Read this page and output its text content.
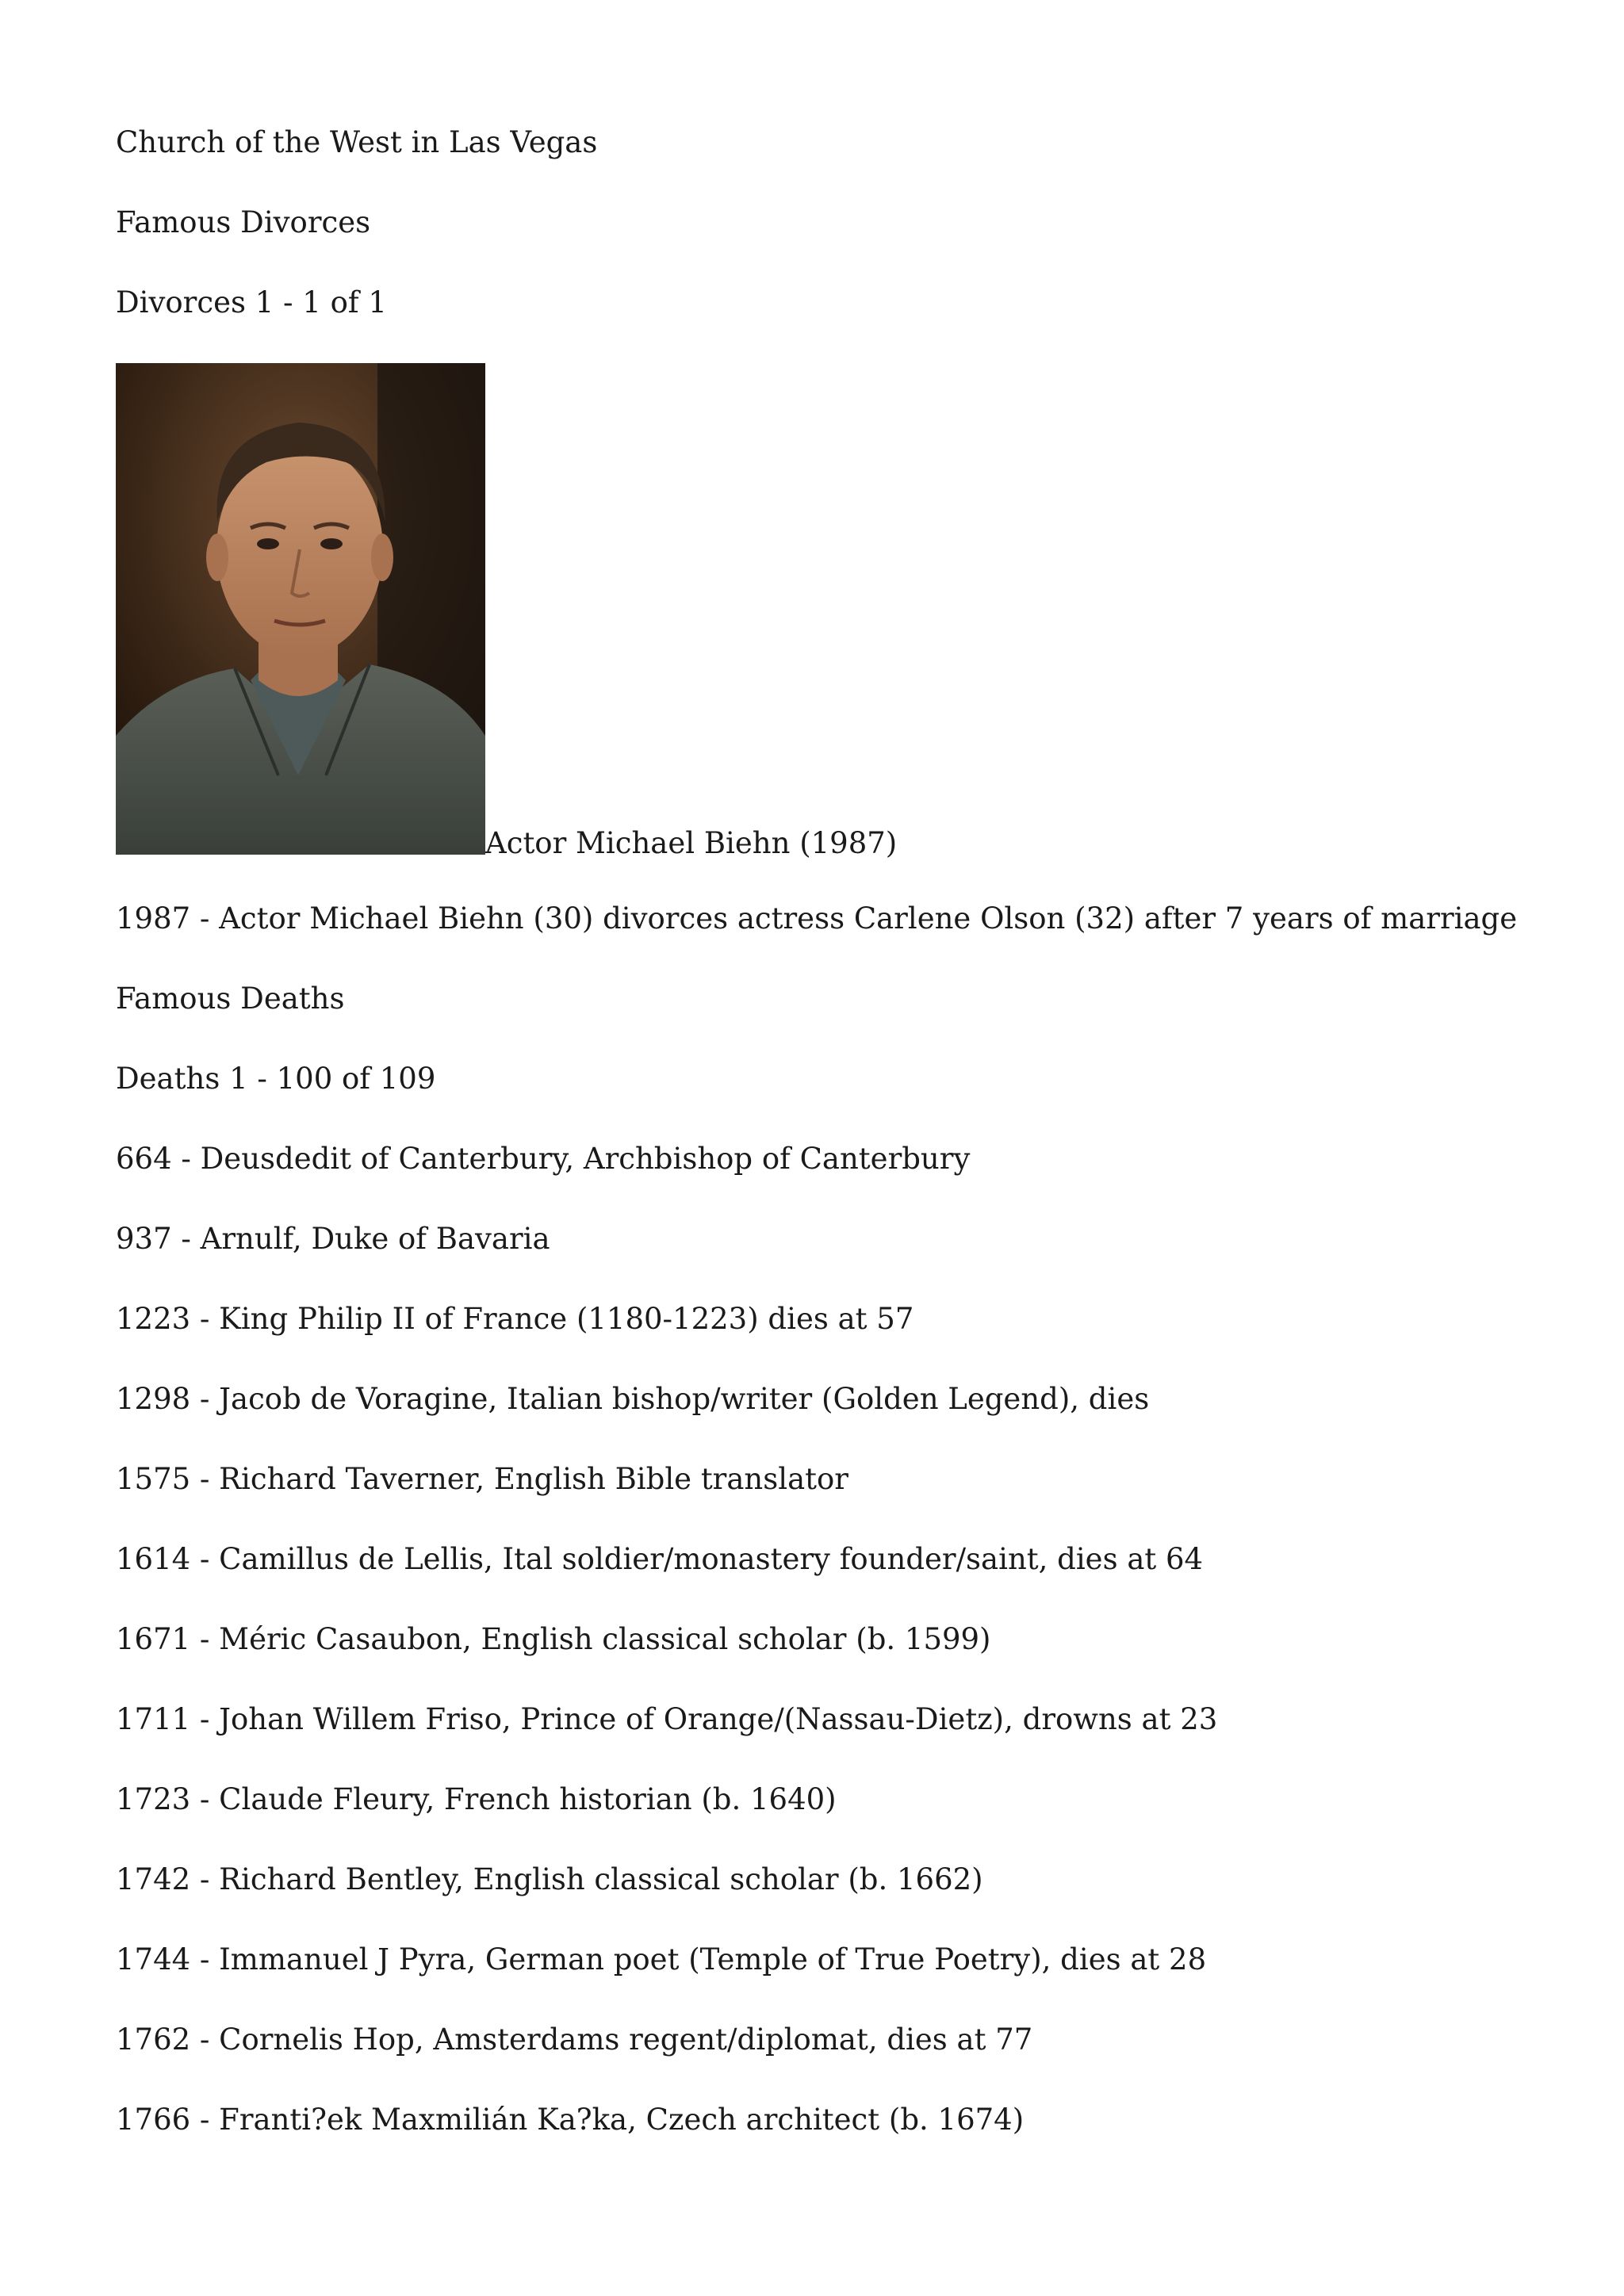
Church of the West in Las Vegas
Famous Divorces
Divorces 1 - 1 of 1
Actor Michael Biehn (1987)
1987 - Actor Michael Biehn (30) divorces actress Carlene Olson (32) after 7 years of marriage
Famous Deaths
Deaths 1 - 100 of 109
664 - Deusdedit of Canterbury, Archbishop of Canterbury
937 - Arnulf, Duke of Bavaria
1223 - King Philip II of France (1180-1223) dies at 57
1298 - Jacob de Voragine, Italian bishop/writer (Golden Legend), dies
1575 - Richard Taverner, English Bible translator
1614 - Camillus de Lellis, Ital soldier/monastery founder/saint, dies at 64
1671 - Méric Casaubon, English classical scholar (b. 1599)
1711 - Johan Willem Friso, Prince of Orange/(Nassau-Dietz), drowns at 23
1723 - Claude Fleury, French historian (b. 1640)
1742 - Richard Bentley, English classical scholar (b. 1662)
1744 - Immanuel J Pyra, German poet (Temple of True Poetry), dies at 28
1762 - Cornelis Hop, Amsterdams regent/diplomat, dies at 77
1766 - Franti?ek Maxmilián Ka?ka, Czech architect (b. 1674)
